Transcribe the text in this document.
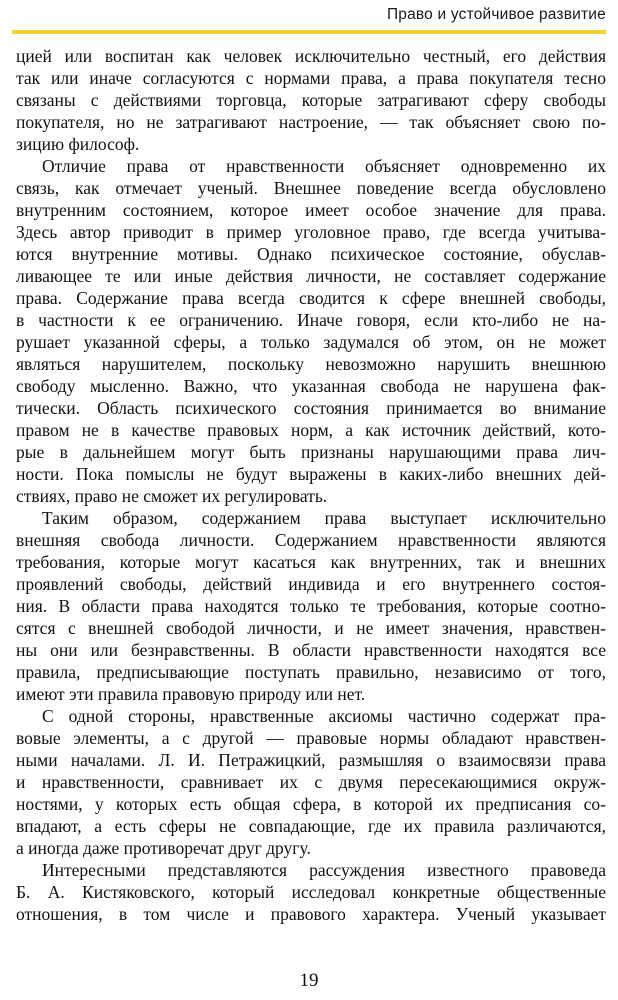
Право и устойчивое развитие
цией или воспитан как человек исключительно честный, его действия
так или иначе согласуются с нормами права, а права покупателя тесно
связаны с действиями торговца, которые затрагивают сферу свободы
покупателя, но не затрагивают настроение, — так объясняет свою по-
зицию философ.
Отличие права от нравственности объясняет одновременно их
связь, как отмечает ученый. Внешнее поведение всегда обусловлено
внутренним состоянием, которое имеет особое значение для права.
Здесь автор приводит в пример уголовное право, где всегда учитыва-
ются внутренние мотивы. Однако психическое состояние, обуслав-
ливающее те или иные действия личности, не составляет содержание
права. Содержание права всегда сводится к сфере внешней свободы,
в частности к ее ограничению. Иначе говоря, если кто-либо не на-
рушает указанной сферы, а только задумался об этом, он не может
являться нарушителем, поскольку невозможно нарушить внешнюю
свободу мысленно. Важно, что указанная свобода не нарушена фак-
тически. Область психического состояния принимается во внимание
правом не в качестве правовых норм, а как источник действий, кото-
рые в дальнейшем могут быть признаны нарушающими права лич-
ности. Пока помыслы не будут выражены в каких-либо внешних дей-
ствиях, право не сможет их регулировать.
Таким образом, содержанием права выступает исключительно
внешняя свобода личности. Содержанием нравственности являются
требования, которые могут касаться как внутренних, так и внешних
проявлений свободы, действий индивида и его внутреннего состоя-
ния. В области права находятся только те требования, которые соотно-
сятся с внешней свободой личности, и не имеет значения, нравствен-
ны они или безнравственны. В области нравственности находятся все
правила, предписывающие поступать правильно, независимо от того,
имеют эти правила правовую природу или нет.
С одной стороны, нравственные аксиомы частично содержат пра-
вовые элементы, а с другой — правовые нормы обладают нравствен-
ными началами. Л. И. Петражицкий, размышляя о взаимосвязи права
и нравственности, сравнивает их с двумя пересекающимися окруж-
ностями, у которых есть общая сфера, в которой их предписания со-
впадают, а есть сферы не совпадающие, где их правила различаются,
а иногда даже противоречат друг другу.
Интересными представляются рассуждения известного правоведа
Б. А. Кистяковского, который исследовал конкретные общественные
отношения, в том числе и правового характера. Ученый указывает
19
